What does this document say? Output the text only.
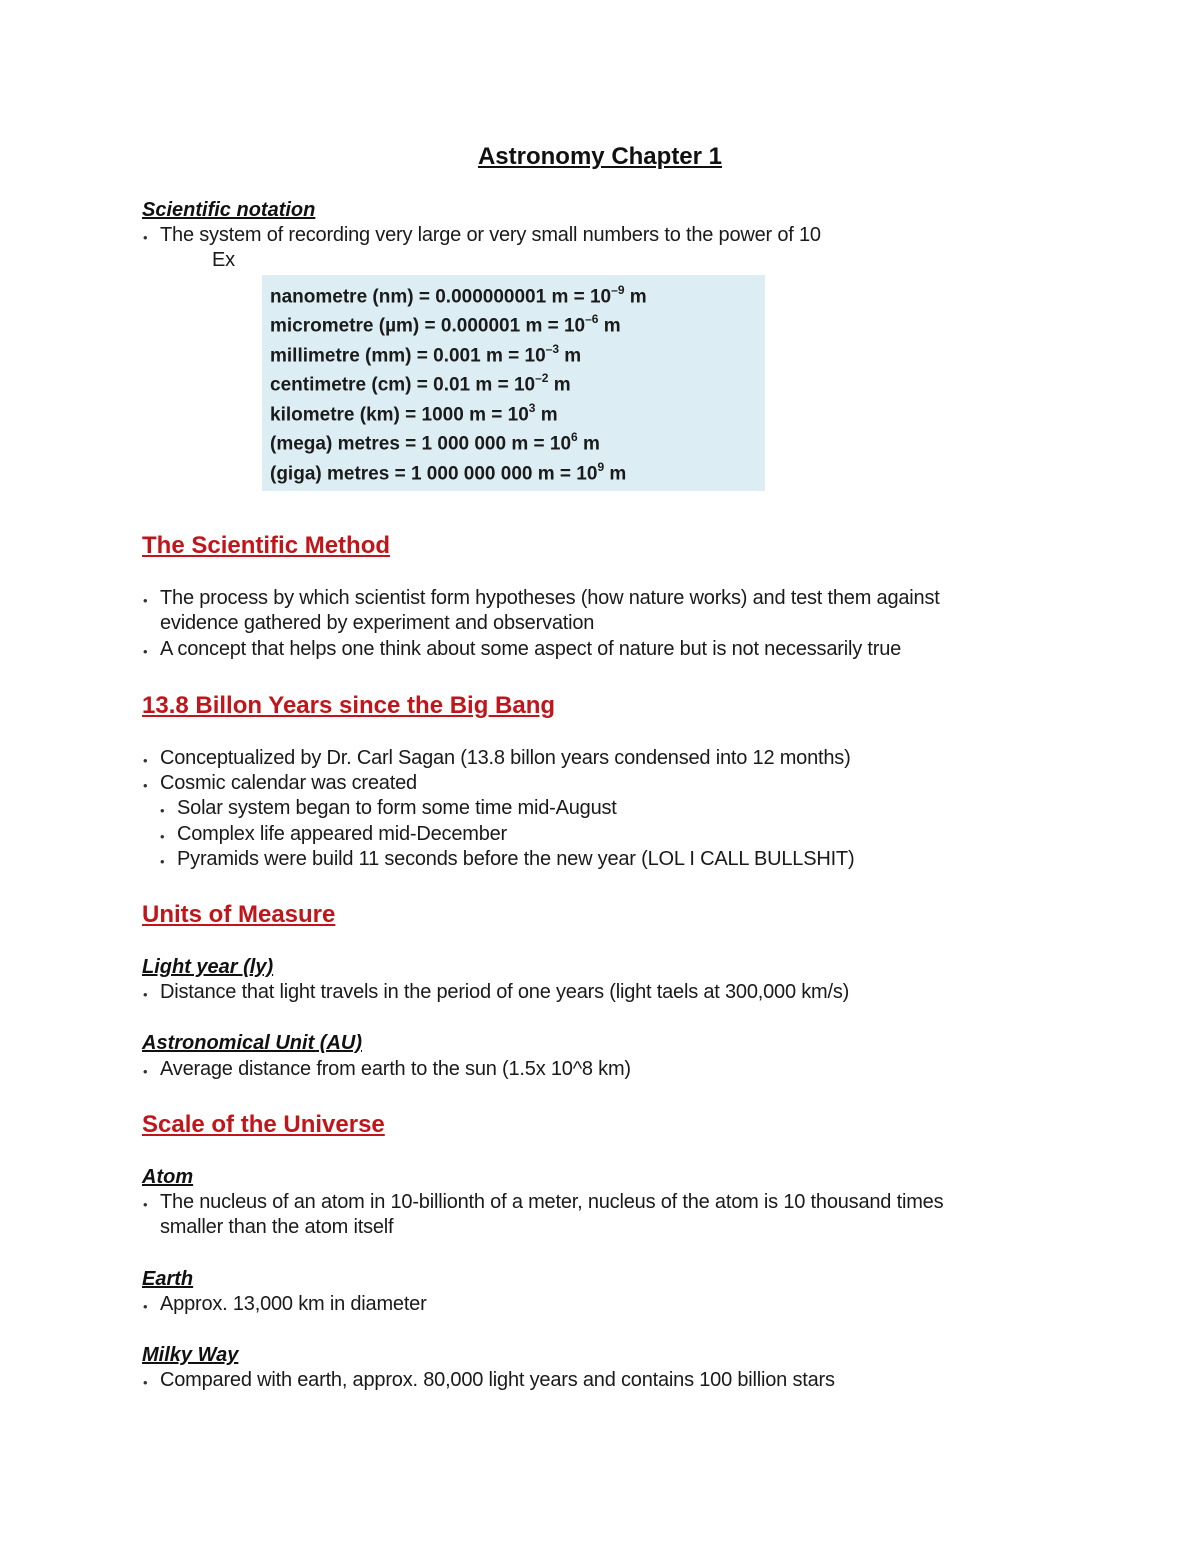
Astronomy Chapter 1
Scientific notation
• The system of recording very large or very small numbers to the power of 10
Ex
nanometre (nm) = 0.000000001 $m = 10^{-9}$ m
micrometre (µm) = 0.000001 $m = 10^{-6}$ m
millimetre (mm) = 0.001 $m = 10^{-3}$ m
centimetre (cm) = 0.01 $m = 10^{-2}$ m
kilometre (km) = 1000 $m = 10^3$ m
(mega) metres = 1 000 000 $m = 10^6$ m
(giga) metres = 1 000 000 000 $m = 10^9$ m
The Scientific Method
• The process by which scientist form hypotheses (how nature works) and test them against
evidence gathered by experiment and observation
• A concept that helps one think about some aspect of nature but is not necessarily true
13.8 Billon Years since the Big Bang
• Conceptualized by Dr. Carl Sagan (13.8 billon years condensed into 12 months)
• Cosmic calendar was created
• Solar system began to form some time mid-August
• Complex life appeared mid-December
• Pyramids were build 11 seconds before the new year (LOL I CALL BULLSHIT)
Units of Measure
Light year (ly)
• Distance that light travels in the period of one years (light taels at 300,000 km/s)
Astronomical Unit (AU)
• Average distance from earth to the sun (1.5x 10^8 km)
Scale of the Universe
Atom
• The nucleus of an atom in 10-billionth of a meter, nucleus of the atom is 10 thousand times
smaller than the atom itself
Earth
• Approx. 13,000 km in diameter
Milky Way
• Compared with earth, approx. 80,000 light years and contains 100 billion stars
